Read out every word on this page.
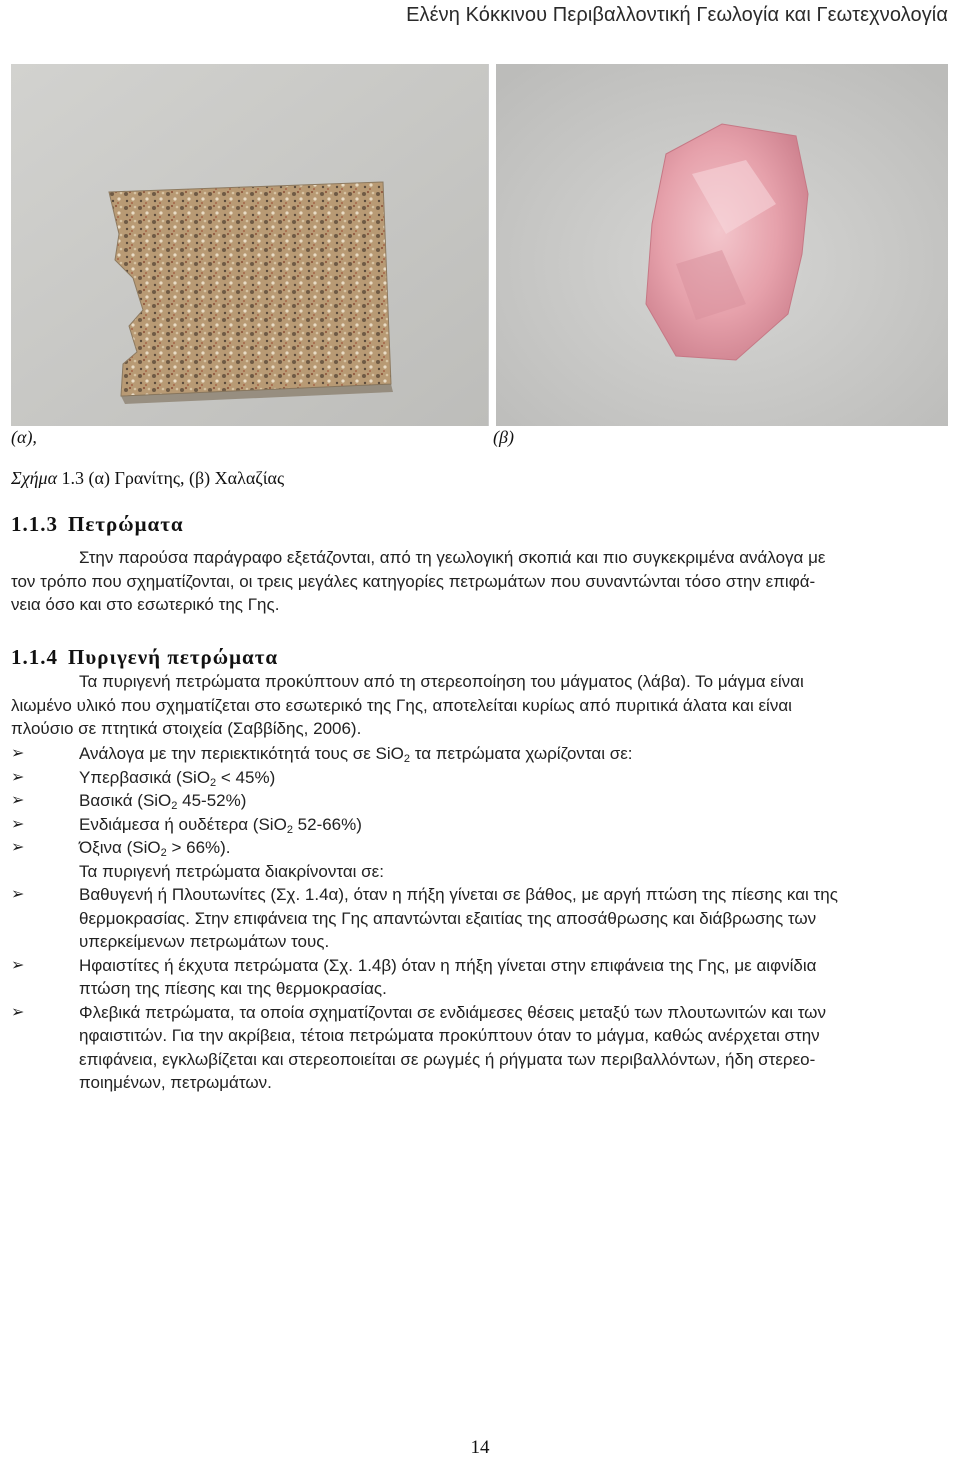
Ελένη Κόκκινου Περιβαλλοντική Γεωλογία και Γεωτεχνολογία
(α),	(β)
Σχήμα 1.3 (α) Γρανίτης, (β) Χαλαζίας
1.1.3 Πετρώματα
Στην παρούσα παράγραφο εξετάζονται, από τη γεωλογική σκοπιά και πιο συγκεκριμένα ανάλογα με
τον τρόπο που σχηματίζονται, οι τρεις μεγάλες κατηγορίες πετρωμάτων που συναντώνται τόσο στην επιφά-
νεια όσο και στο εσωτερικό της Γης.
1.1.4 Πυριγενή πετρώματα
Τα πυριγενή πετρώματα προκύπτουν από τη στερεοποίηση του μάγματος (λάβα). Το μάγμα είναι
λιωμένο υλικό που σχηματίζεται στο εσωτερικό της Γης, αποτελείται κυρίως από πυριτικά άλατα και είναι
πλούσιο σε πτητικά στοιχεία (Σαββίδης, 2006).
➢	Ανάλογα με την περιεκτικότητά τους σε SiO$_2$ τα πετρώματα χωρίζονται σε:
➢	Υπερβασικά (SiO$_2$ < 45%)
➢	Βασικά (SiO$_2$ 45-52%)
➢	Ενδιάμεσα ή ουδέτερα (SiO$_2$ 52-66%)
➢	Όξινα (SiO$_2$ > 66%).
Τα πυριγενή πετρώματα διακρίνονται σε:
➢	Βαθυγενή ή Πλουτωνίτες (Σχ. 1.4α), όταν η πήξη γίνεται σε βάθος, με αργή πτώση της πίεσης και της
θερμοκρασίας. Στην επιφάνεια της Γης απαντώνται εξαιτίας της αποσάθρωσης και διάβρωσης των
υπερκείμενων πετρωμάτων τους.
➢	Ηφαιστίτες ή έκχυτα πετρώματα (Σχ. 1.4β) όταν η πήξη γίνεται στην επιφάνεια της Γης, με αιφνίδια
πτώση της πίεσης και της θερμοκρασίας.
➢	Φλεβικά πετρώματα, τα οποία σχηματίζονται σε ενδιάμεσες θέσεις μεταξύ των πλουτωνιτών και των
ηφαιστιτών. Για την ακρίβεια, τέτοια πετρώματα προκύπτουν όταν το μάγμα, καθώς ανέρχεται στην
επιφάνεια, εγκλωβίζεται και στερεοποιείται σε ρωγμές ή ρήγματα των περιβαλλόντων, ήδη στερεο-
ποιημένων, πετρωμάτων.
14
